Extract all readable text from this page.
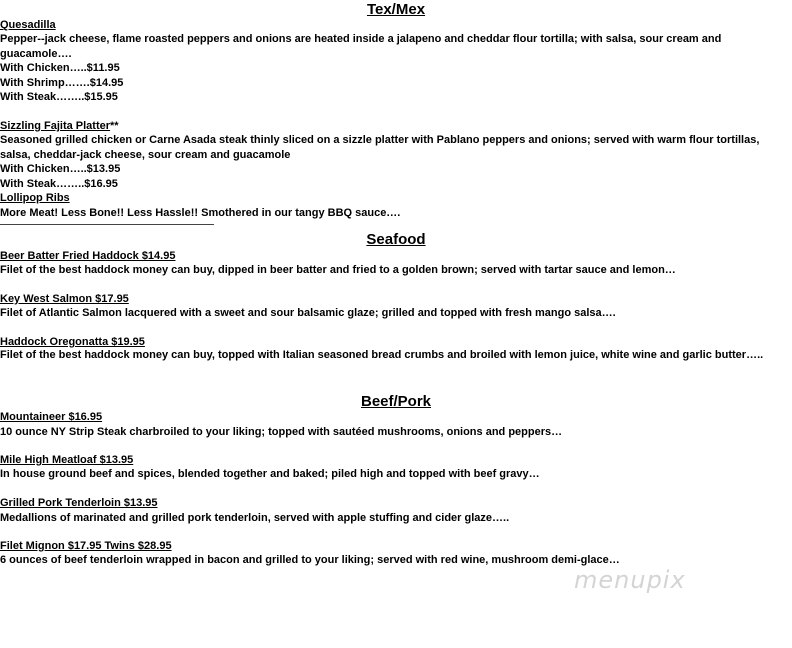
Tex/Mex
Quesadilla
Pepper--jack cheese, flame roasted peppers and onions are heated inside a jalapeno and cheddar flour tortilla; with salsa, sour cream and guacamole….
With Chicken…..$11.95
With Shrimp…….$14.95
With Steak……..$15.95
Sizzling Fajita Platter**
Seasoned grilled chicken or Carne Asada steak thinly sliced on a sizzle platter with Pablano peppers and onions; served with warm flour tortillas, salsa, cheddar-jack cheese, sour cream and guacamole
With Chicken…..$13.95
With Steak……..$16.95
Lollipop Ribs
More Meat! Less Bone!! Less Hassle!! Smothered in our tangy BBQ sauce….
Seafood
Beer Batter Fried Haddock $14.95
Filet of the best haddock money can buy, dipped in beer batter and fried to a golden brown; served with tartar sauce and lemon…
Key West Salmon $17.95
Filet of Atlantic Salmon lacquered with a sweet and sour balsamic glaze; grilled and topped with fresh mango salsa….
Haddock Oregonatta $19.95
Filet of the best haddock money can buy, topped with Italian seasoned bread crumbs and broiled with lemon juice, white wine and garlic butter…..
Beef/Pork
Mountaineer $16.95
10 ounce NY Strip Steak charbroiled to your liking; topped with sautéed mushrooms, onions and peppers…
Mile High Meatloaf $13.95
In house ground beef and spices, blended together and baked; piled high and topped with beef gravy…
Grilled Pork Tenderloin $13.95
Medallions of marinated and grilled pork tenderloin, served with apple stuffing and cider glaze…..
Filet Mignon $17.95 Twins $28.95
6 ounces of beef tenderloin wrapped in bacon and grilled to your liking; served with red wine, mushroom demi-glace…
menupix
